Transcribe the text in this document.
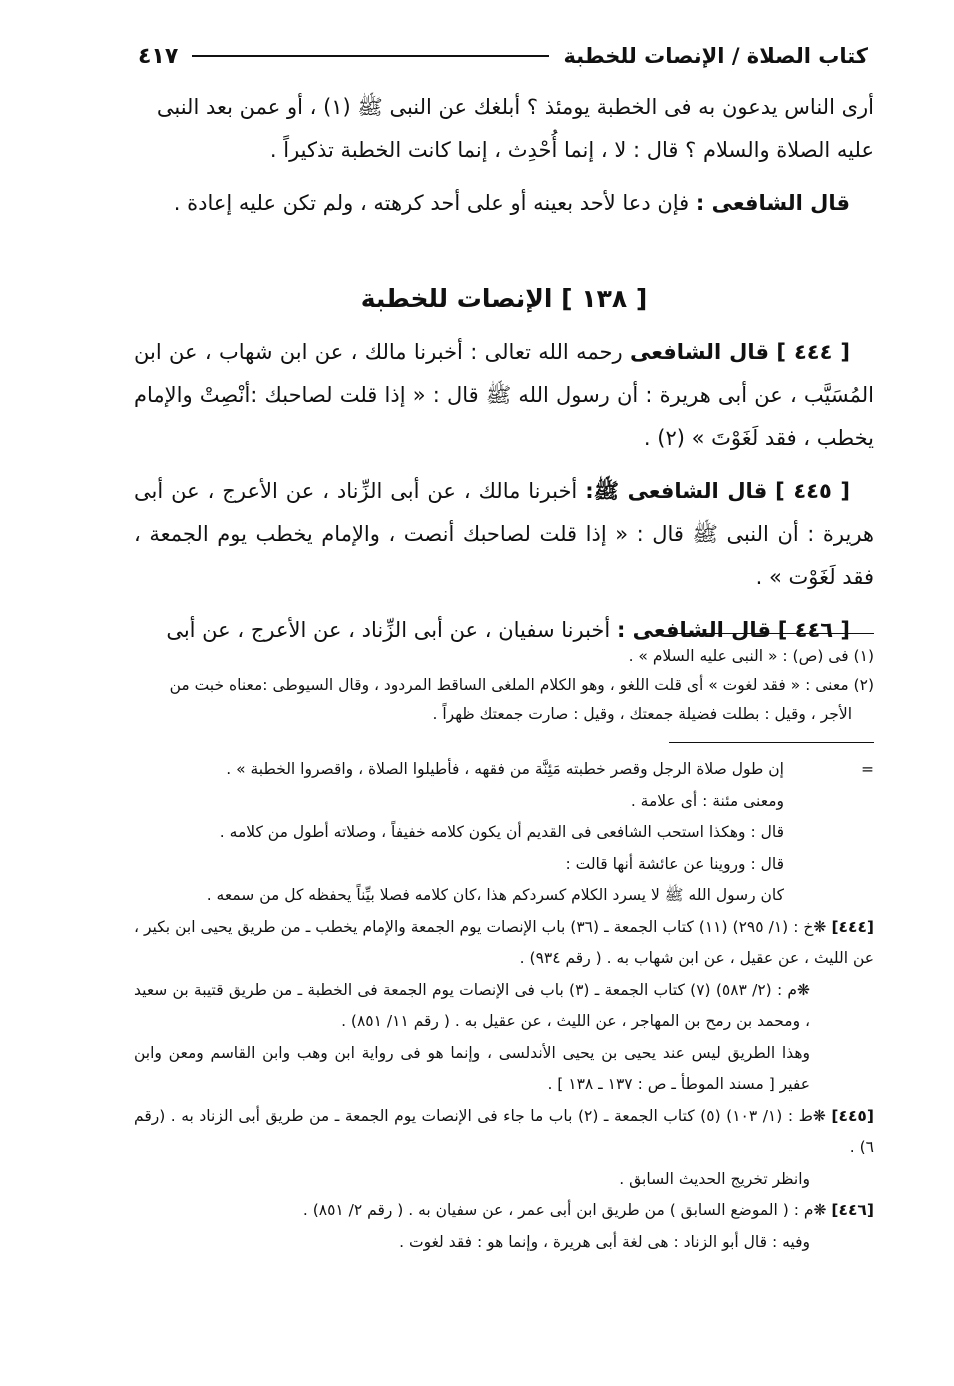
كتاب الصلاة / الإنصات للخطبة
٤١٧

أرى الناس يدعون به فى الخطبة يومئذ ؟ أبلغك عن النبى ﷺ (١) ، أو عمن بعد النبى

عليه الصلاة والسلام ؟ قال : لا ، إنما أُحْدِث ، إنما كانت الخطبة تذكيراً .

قال الشافعى : فإن دعا لأحد بعينه أو على أحد كرهته ، ولم تكن عليه إعادة .

[ ١٣٨ ] الإنصات للخطبة

[ ٤٤٤ ] قال الشافعى رحمه الله تعالى : أخبرنا مالك ، عن ابن شهاب ، عن ابن المُسَيَّب ، عن أبى هريرة : أن رسول الله ﷺ قال : « إذا قلت لصاحبك :أنْصِتْ والإمام يخطب ، فقد لَغَوْتَ » (٢) .

[ ٤٤٥ ] قال الشافعى ﷺ: أخبرنا مالك ، عن أبى الزِّناد ، عن الأعرج ، عن أبى هريرة : أن النبى ﷺ قال : « إذا قلت لصاحبك أنصت ، والإمام يخطب يوم الجمعة ، فقد لَغَوْت » .

[ ٤٤٦ ] قال الشافعى : أخبرنا سفيان ، عن أبى الزِّناد ، عن الأعرج ، عن أبى

(١) فى (ص) : « النبى عليه السلام » .

(٢) معنى : « فقد لغوت » أى قلت اللغو ، وهو الكلام الملغى الساقط المردود ، وقال السيوطى :معناه خبت من

الأجر ، وقيل : بطلت فضيلة جمعتك ، وقيل : صارت جمعتك ظهراً .

=

إن طول صلاة الرجل وقصر خطبته مَئِنَّة من فقهه ، فأطيلوا الصلاة ، واقصروا الخطبة » .

ومعنى مئنة : أى علامة .

قال : وهكذا استحب الشافعى فى القديم أن يكون كلامه خفيفاً ، وصلاته أطول من كلامه .

قال : وروينا عن عائشة أنها قالت :

كان رسول الله ﷺ لا يسرد الكلام كسردكم هذا ،كان كلامه فصلا بيِّناً يحفظه كل من سمعه .

[٤٤٤] ❋خ : (١/ ٢٩٥) (١١) كتاب الجمعة ـ (٣٦) باب الإنصات يوم الجمعة والإمام يخطب ـ من طريق يحيى ابن بكير ، عن الليث ، عن عقيل ، عن ابن شهاب به . ( رقم ٩٣٤) .

❋م : (٢/ ٥٨٣) (٧) كتاب الجمعة ـ (٣) باب فى الإنصات يوم الجمعة فى الخطبة ـ من طريق قتيبة بن سعيد ، ومحمد بن رمح بن المهاجر ، عن الليث ، عن عقيل به . ( رقم ١١/ ٨٥١) .

وهذا الطريق ليس عند يحيى بن يحيى الأندلسى ، وإنما هو فى رواية ابن وهب وابن القاسم ومعن وابن عفير [ مسند الموطأ ـ ص : ١٣٧ ـ ١٣٨ ] .

[٤٤٥] ❋ط : (١/ ١٠٣) (٥) كتاب الجمعة ـ (٢) باب ما جاء فى الإنصات يوم الجمعة ـ من طريق أبى الزناد به . (رقم ٦) .

وانظر تخريج الحديث السابق .

[٤٤٦] ❋م : ( الموضع السابق ) من طريق ابن أبى عمر ، عن سفيان به . ( رقم ٢/ ٨٥١) .

وفيه : قال أبو الزناد : هى لغة أبى هريرة ، وإنما هو : فقد لغوت .
